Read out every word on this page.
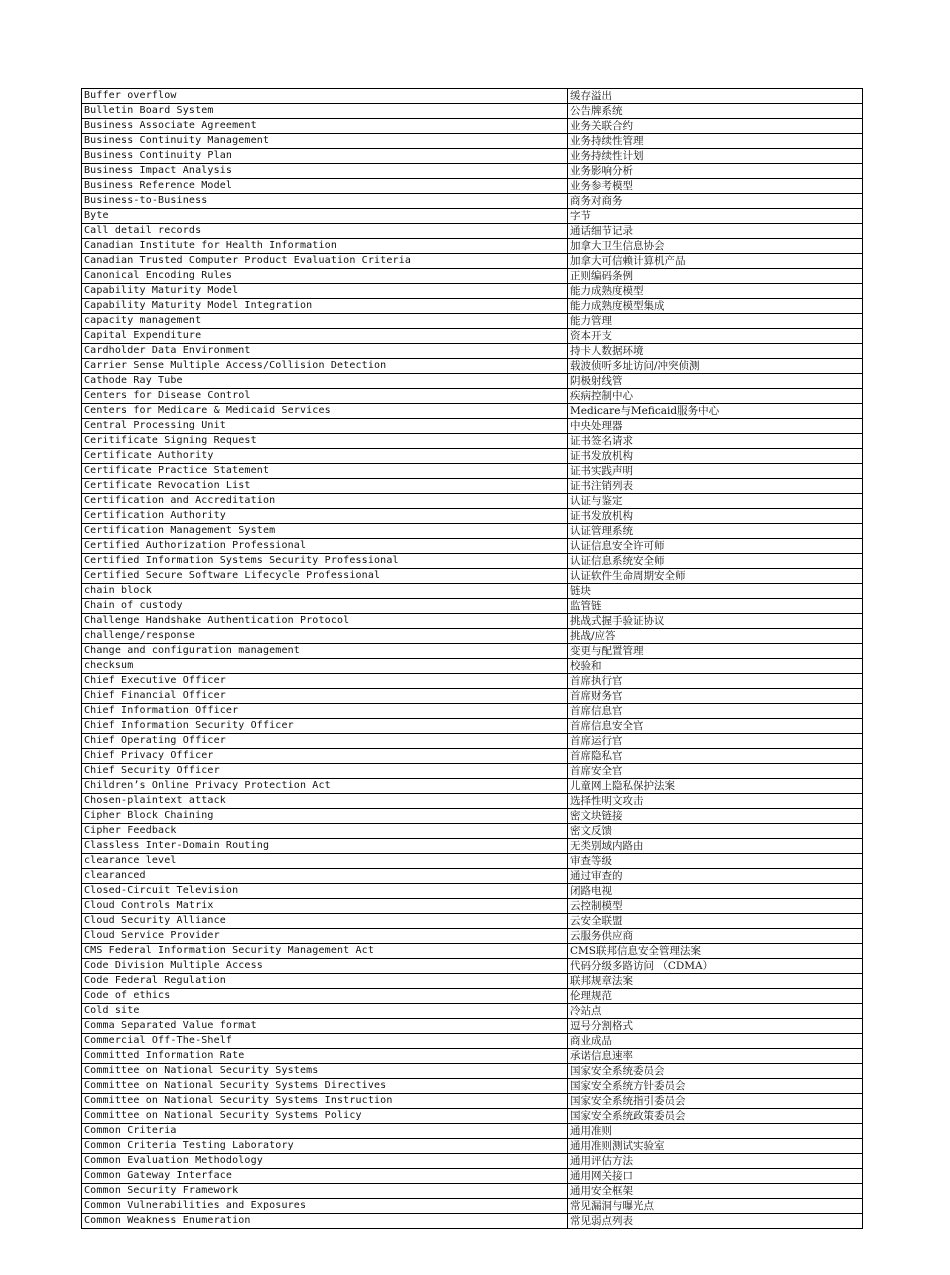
Buffer overflow	缓存溢出
Bulletin Board System	公告牌系统
Business Associate Agreement	业务关联合约
Business Continuity Management	业务持续性管理
Business Continuity Plan	业务持续性计划
Business Impact Analysis	业务影响分析
Business Reference Model	业务参考模型
Business-to-Business	商务对商务
Byte	字节
Call detail records	通话细节记录
Canadian Institute for Health Information	加拿大卫生信息协会
Canadian Trusted Computer Product Evaluation Criteria	加拿大可信赖计算机产品
Canonical Encoding Rules	正则编码条例
Capability Maturity Model	能力成熟度模型
Capability Maturity Model Integration	能力成熟度模型集成
capacity management	能力管理
Capital Expenditure	资本开支
Cardholder Data Environment	持卡人数据环境
Carrier Sense Multiple Access/Collision Detection	载波侦听多址访问/冲突侦测
Cathode Ray Tube	阴极射线管
Centers for Disease Control	疾病控制中心
Centers for Medicare & Medicaid Services	Medicare与Meficaid服务中心
Central Processing Unit	中央处理器
Ceritificate Signing Request	证书签名请求
Certificate Authority	证书发放机构
Certificate Practice Statement	证书实践声明
Certificate Revocation List	证书注销列表
Certification and Accreditation	认证与鉴定
Certification Authority	证书发放机构
Certification Management System	认证管理系统
Certified Authorization Professional	认证信息安全许可师
Certified Information Systems Security Professional	认证信息系统安全师
Certified Secure Software Lifecycle Professional	认证软件生命周期安全师
chain block	链块
Chain of custody	监管链
Challenge Handshake Authentication Protocol	挑战式握手验证协议
challenge/response	挑战/应答
Change and configuration management	变更与配置管理
checksum	校验和
Chief Executive Officer	首席执行官
Chief Financial Officer	首席财务官
Chief Information Officer	首席信息官
Chief Information Security Officer	首席信息安全官
Chief Operating Officer	首席运行官
Chief Privacy Officer	首席隐私官
Chief Security Officer	首席安全官
Children’s Online Privacy Protection Act	儿童网上隐私保护法案
Chosen-plaintext attack	选择性明文攻击
Cipher Block Chaining	密文块链接
Cipher Feedback	密文反馈
Classless Inter-Domain Routing	无类别域内路由
clearance level	审查等级
clearanced	通过审查的
Closed-Circuit Television	闭路电视
Cloud Controls Matrix	云控制模型
Cloud Security Alliance	云安全联盟
Cloud Service Provider	云服务供应商
CMS Federal Information Security Management Act	CMS联邦信息安全管理法案
Code Division Multiple Access	代码分级多路访问 （CDMA）
Code Federal Regulation	联邦规章法案
Code of ethics	伦理规范
Cold site	冷站点
Comma Separated Value format	逗号分割格式
Commercial Off-The-Shelf	商业成品
Committed Information Rate	承诺信息速率
Committee on National Security Systems	国家安全系统委员会
Committee on National Security Systems Directives	国家安全系统方针委员会
Committee on National Security Systems Instruction	国家安全系统指引委员会
Committee on National Security Systems Policy	国家安全系统政策委员会
Common Criteria	通用准则
Common Criteria Testing Laboratory	通用准则测试实验室
Common Evaluation Methodology	通用评估方法
Common Gateway Interface	通用网关接口
Common Security Framework	通用安全框架
Common Vulnerabilities and Exposures	常见漏洞与曝光点
Common Weakness Enumeration	常见弱点列表
